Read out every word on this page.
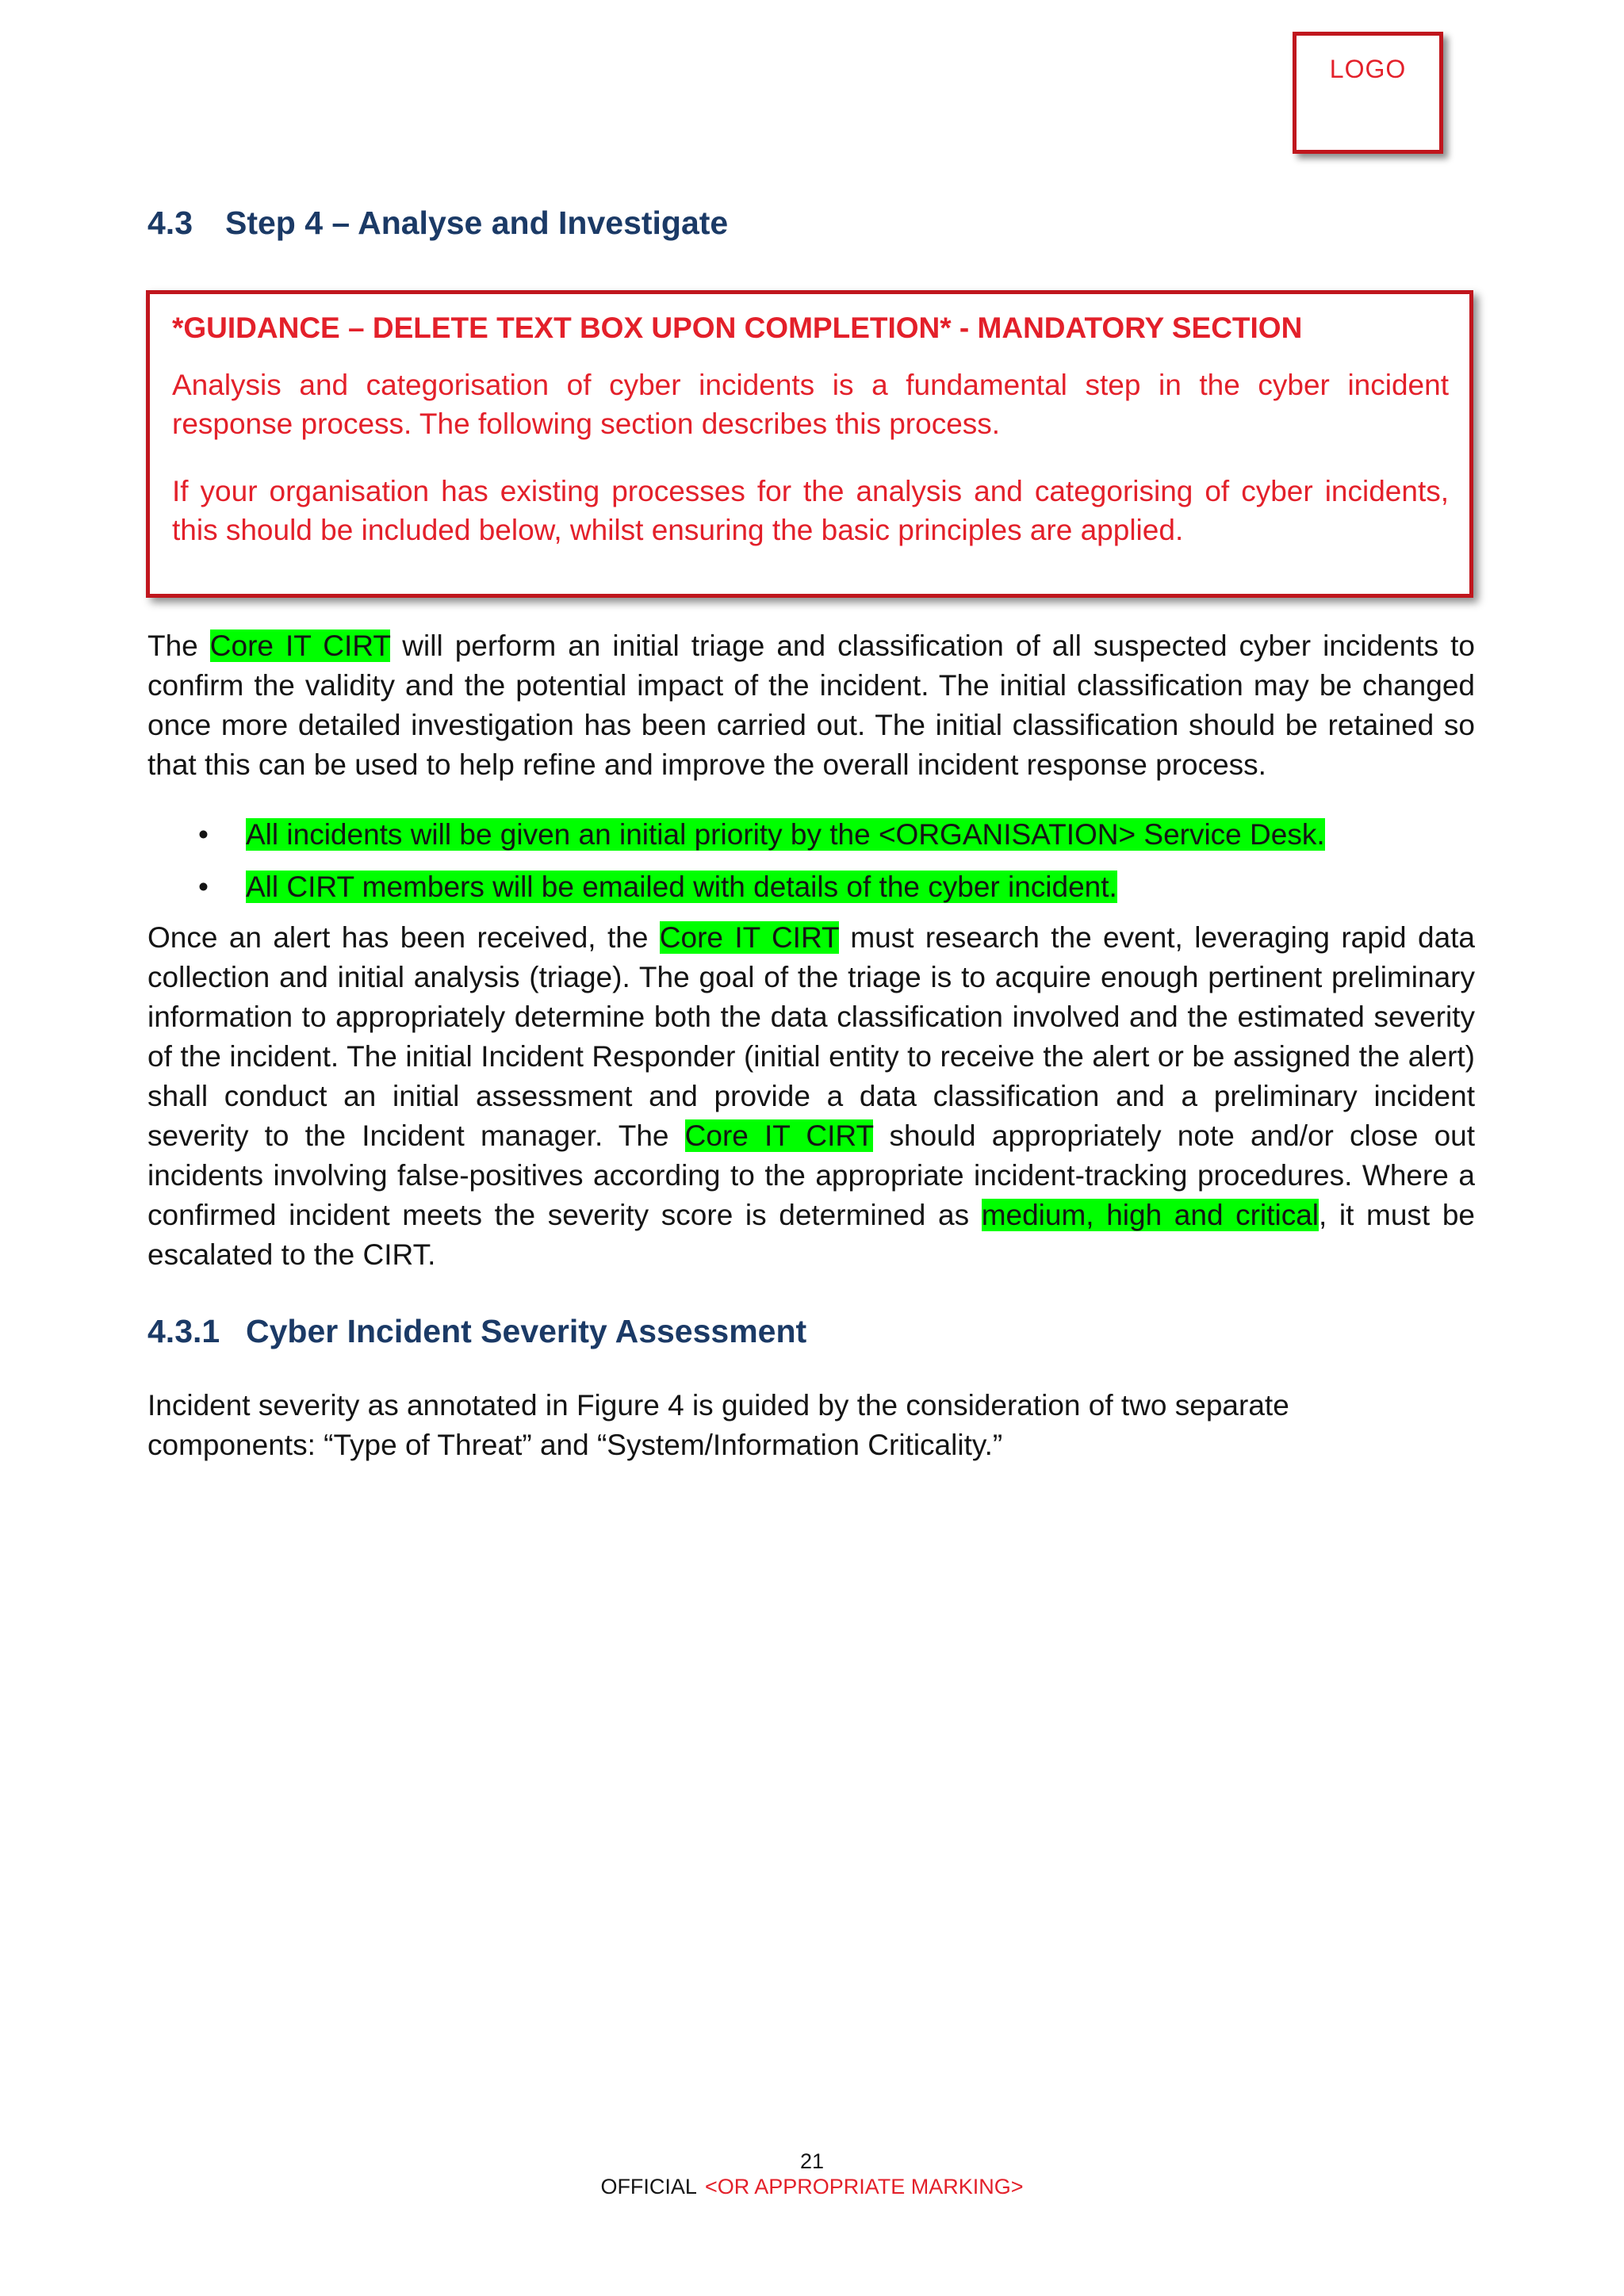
LOGO
4.3 Step 4 – Analyse and Investigate

*GUIDANCE – DELETE TEXT BOX UPON COMPLETION* - MANDATORY SECTION

Analysis and categorisation of cyber incidents is a fundamental step in the cyber incident response process. The following section describes this process.

If your organisation has existing processes for the analysis and categorising of cyber incidents, this should be included below, whilst ensuring the basic principles are applied.

The Core IT CIRT will perform an initial triage and classification of all suspected cyber incidents to confirm the validity and the potential impact of the incident. The initial classification may be changed once more detailed investigation has been carried out. The initial classification should be retained so that this can be used to help refine and improve the overall incident response process.

• All incidents will be given an initial priority by the <ORGANISATION> Service Desk.
• All CIRT members will be emailed with details of the cyber incident.

Once an alert has been received, the Core IT CIRT must research the event, leveraging rapid data collection and initial analysis (triage). The goal of the triage is to acquire enough pertinent preliminary information to appropriately determine both the data classification involved and the estimated severity of the incident. The initial Incident Responder (initial entity to receive the alert or be assigned the alert) shall conduct an initial assessment and provide a data classification and a preliminary incident severity to the Incident manager. The Core IT CIRT should appropriately note and/or close out incidents involving false-positives according to the appropriate incident-tracking procedures. Where a confirmed incident meets the severity score is determined as medium, high and critical, it must be escalated to the CIRT.

4.3.1 Cyber Incident Severity Assessment

Incident severity as annotated in Figure 4 is guided by the consideration of two separate components: “Type of Threat” and “System/Information Criticality.”

21
OFFICIAL <OR APPROPRIATE MARKING>
